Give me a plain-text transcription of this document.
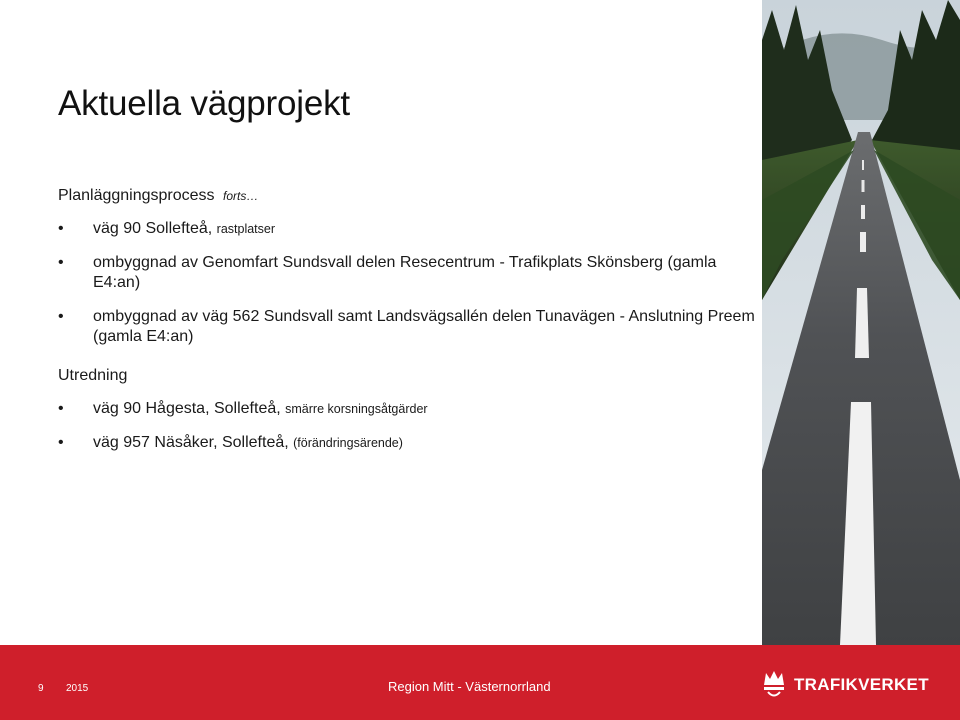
Aktuella vägprojekt
Planläggningsprocess forts…
• väg 90 Sollefteå, rastplatser
• ombyggnad av Genomfart Sundsvall delen Resecentrum - Trafikplats Skönsberg (gamla E4:an)
• ombyggnad av väg 562 Sundsvall samt Landsvägsallén delen Tunavägen - Anslutning Preem (gamla E4:an)
Utredning
• väg 90 Hågesta, Sollefteå, smärre korsningsåtgärder
• väg 957 Näsåker, Sollefteå, (förändringsärende)
9 2015	Region Mitt - Västernorrland	TRAFIKVERKET
